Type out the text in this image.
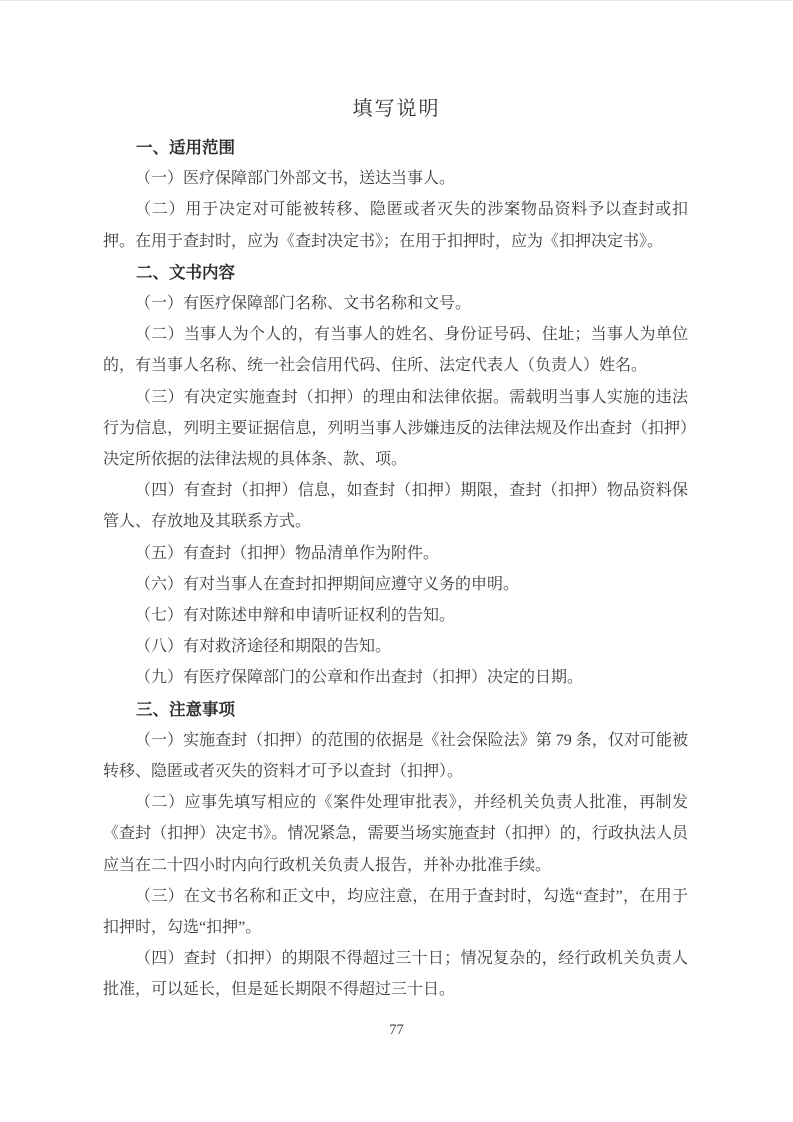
填写说明
一、适用范围

（一）医疗保障部门外部文书，送达当事人。

（二）用于决定对可能被转移、隐匿或者灭失的涉案物品资料予以查封或扣押。在用于查封时，应为《查封决定书》；在用于扣押时，应为《扣押决定书》。

二、文书内容

（一）有医疗保障部门名称、文书名称和文号。

（二）当事人为个人的，有当事人的姓名、身份证号码、住址；当事人为单位的，有当事人名称、统一社会信用代码、住所、法定代表人（负责人）姓名。

（三）有决定实施查封（扣押）的理由和法律依据。需载明当事人实施的违法行为信息，列明主要证据信息，列明当事人涉嫌违反的法律法规及作出查封（扣押）决定所依据的法律法规的具体条、款、项。

（四）有查封（扣押）信息，如查封（扣押）期限，查封（扣押）物品资料保管人、存放地及其联系方式。

（五）有查封（扣押）物品清单作为附件。

（六）有对当事人在查封扣押期间应遵守义务的申明。

（七）有对陈述申辩和申请听证权利的告知。

（八）有对救济途径和期限的告知。

（九）有医疗保障部门的公章和作出查封（扣押）决定的日期。

三、注意事项

（一）实施查封（扣押）的范围的依据是《社会保险法》第 79 条，仅对可能被转移、隐匿或者灭失的资料才可予以查封（扣押）。

（二）应事先填写相应的《案件处理审批表》，并经机关负责人批准，再制发《查封（扣押）决定书》。情况紧急，需要当场实施查封（扣押）的，行政执法人员应当在二十四小时内向行政机关负责人报告，并补办批准手续。

（三）在文书名称和正文中，均应注意，在用于查封时，勾选“查封”，在用于扣押时，勾选“扣押”。

（四）查封（扣押）的期限不得超过三十日；情况复杂的，经行政机关负责人批准，可以延长，但是延长期限不得超过三十日。

77
